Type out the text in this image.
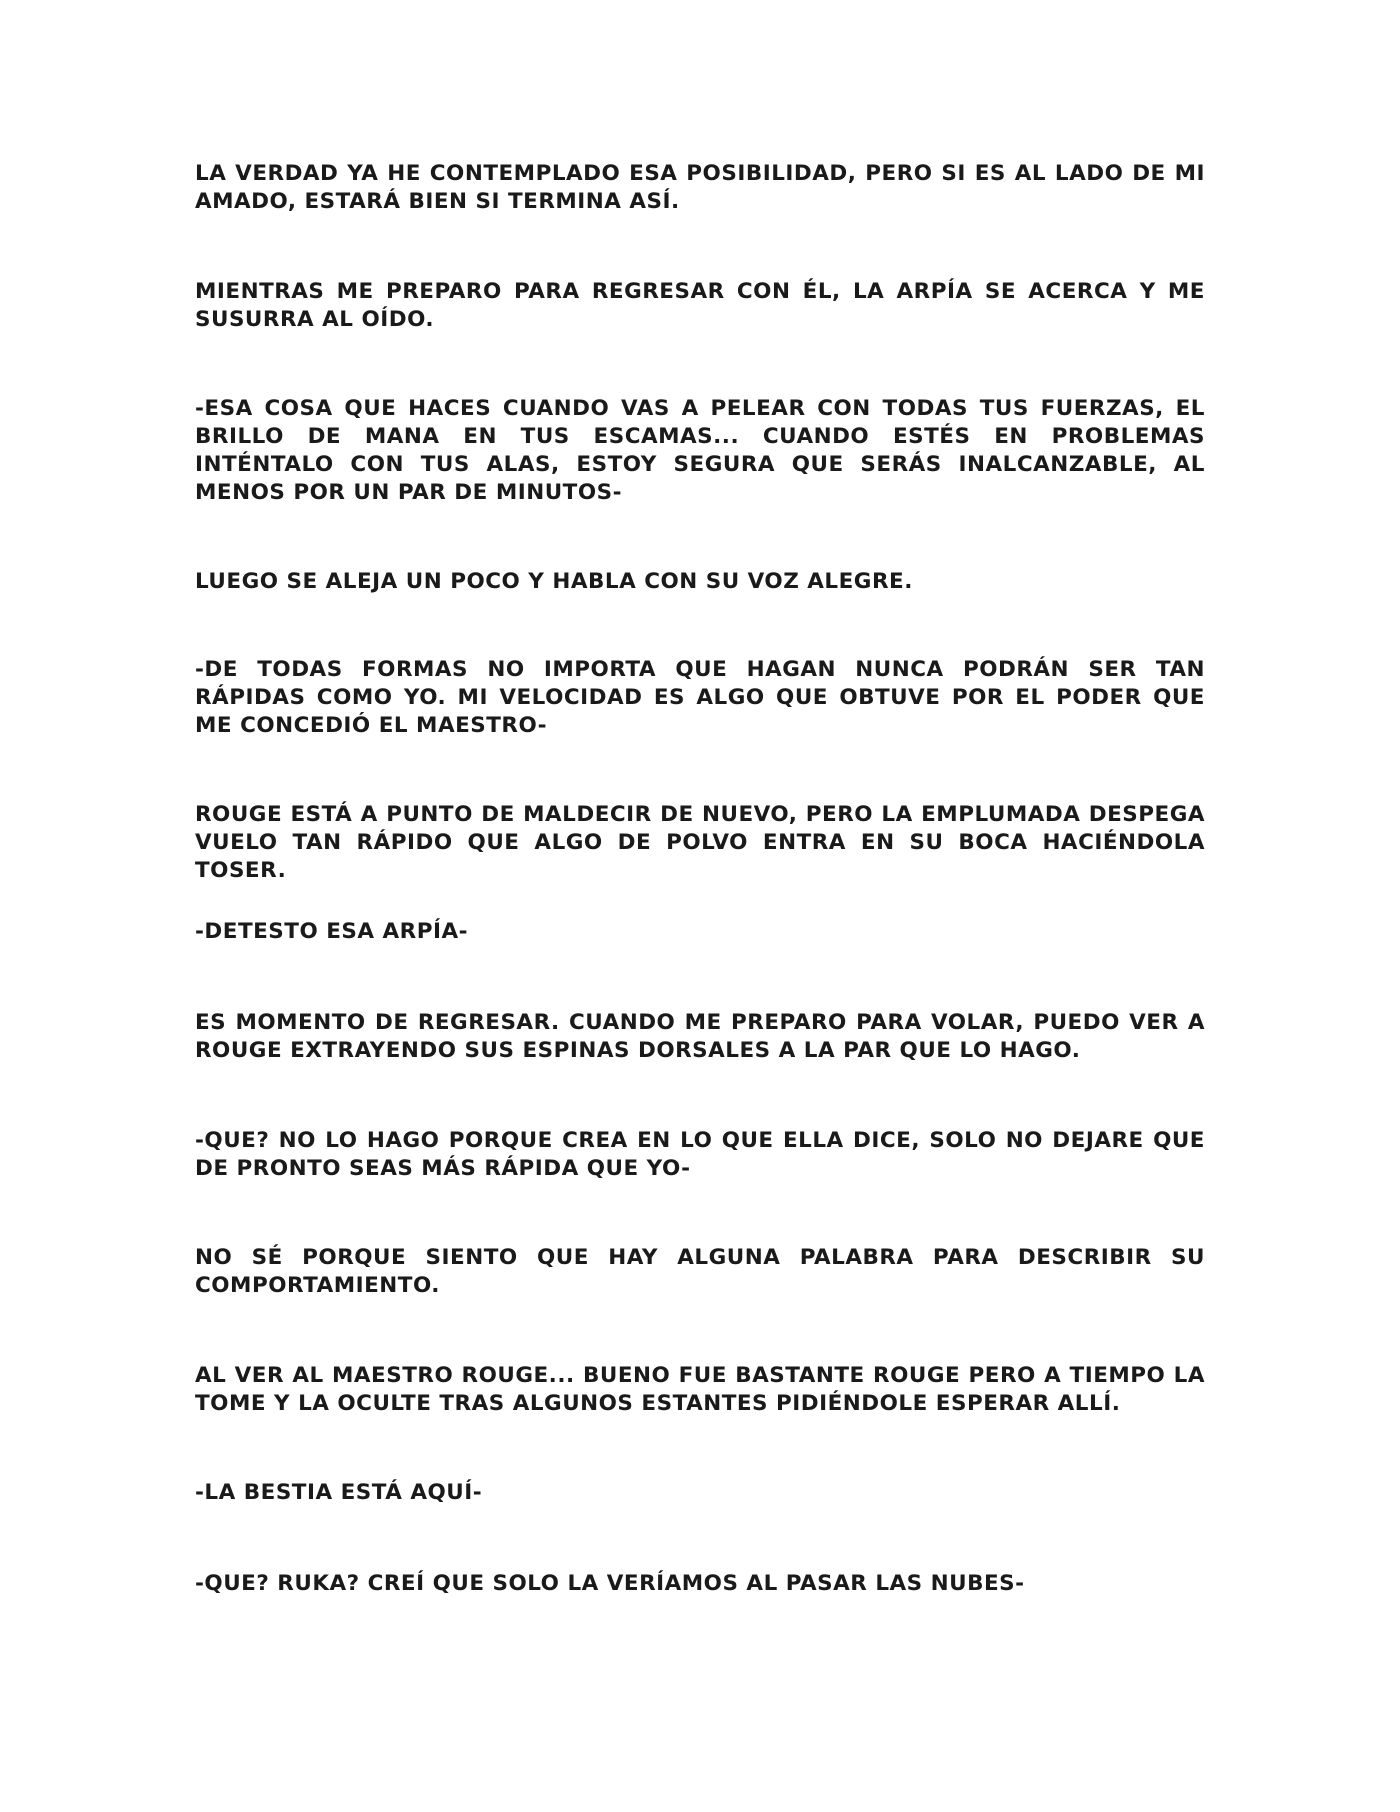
LA VERDAD YA HE CONTEMPLADO ESA POSIBILIDAD, PERO SI ES AL LADO DE MI AMADO, ESTARÁ BIEN SI TERMINA ASÍ.

MIENTRAS ME PREPARO PARA REGRESAR CON ÉL, LA ARPÍA SE ACERCA Y ME SUSURRA AL OÍDO.

-ESA COSA QUE HACES CUANDO VAS A PELEAR CON TODAS TUS FUERZAS, EL BRILLO DE MANA EN TUS ESCAMAS... CUANDO ESTÉS EN PROBLEMAS INTÉNTALO CON TUS ALAS, ESTOY SEGURA QUE SERÁS INALCANZABLE, AL MENOS POR UN PAR DE MINUTOS-

LUEGO SE ALEJA UN POCO Y HABLA CON SU VOZ ALEGRE.

-DE TODAS FORMAS NO IMPORTA QUE HAGAN NUNCA PODRÁN SER TAN RÁPIDAS COMO YO. MI VELOCIDAD ES ALGO QUE OBTUVE POR EL PODER QUE ME CONCEDIÓ EL MAESTRO-

ROUGE ESTÁ A PUNTO DE MALDECIR DE NUEVO, PERO LA EMPLUMADA DESPEGA VUELO TAN RÁPIDO QUE ALGO DE POLVO ENTRA EN SU BOCA HACIÉNDOLA TOSER.

-DETESTO ESA ARPÍA-

ES MOMENTO DE REGRESAR. CUANDO ME PREPARO PARA VOLAR, PUEDO VER A ROUGE EXTRAYENDO SUS ESPINAS DORSALES A LA PAR QUE LO HAGO.

-QUE? NO LO HAGO PORQUE CREA EN LO QUE ELLA DICE, SOLO NO DEJARE QUE DE PRONTO SEAS MÁS RÁPIDA QUE YO-

NO SÉ PORQUE SIENTO QUE HAY ALGUNA PALABRA PARA DESCRIBIR SU COMPORTAMIENTO.

AL VER AL MAESTRO ROUGE... BUENO FUE BASTANTE ROUGE PERO A TIEMPO LA TOME Y LA OCULTE TRAS ALGUNOS ESTANTES PIDIÉNDOLE ESPERAR ALLÍ.

-LA BESTIA ESTÁ AQUÍ-

-QUE? RUKA? CREÍ QUE SOLO LA VERÍAMOS AL PASAR LAS NUBES-
